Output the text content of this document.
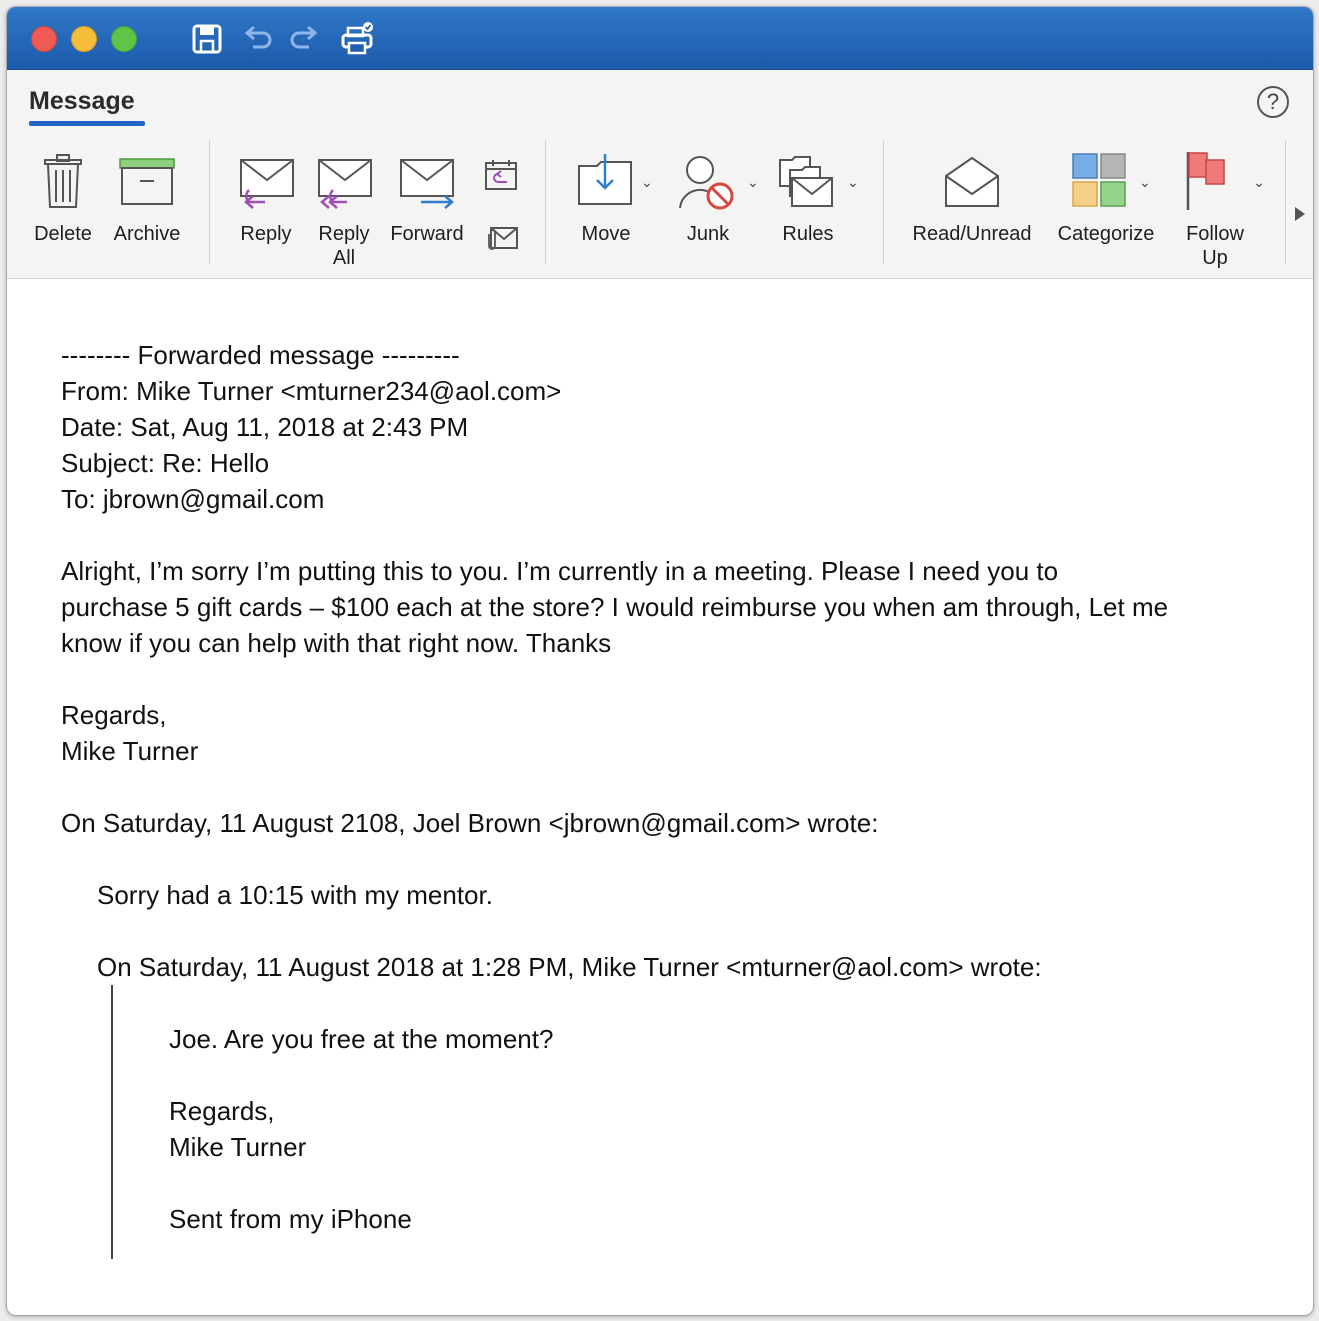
Message	?
Delete	Archive	Reply	Reply
All
Forward	Move
⌄
Junk
⌄
Rules
⌄
Read/Unread	Categorize
⌄
Follow
Up
⌄

-------- Forwarded message ---------

From: Mike Turner <mturner234@aol.com>

Date: Sat, Aug 11, 2018 at 2:43 PM

Subject: Re: Hello

To: jbrown@gmail.com

Alright, I’m sorry I’m putting this to you. I’m currently in a meeting. Please I need you to

purchase 5 gift cards – $100 each at the store? I would reimburse you when am through, Let me

know if you can help with that right now. Thanks

Regards,

Mike Turner

On Saturday, 11 August 2108, Joel Brown <jbrown@gmail.com> wrote:

Sorry had a 10:15 with my mentor.

On Saturday, 11 August 2018 at 1:28 PM, Mike Turner <mturner@aol.com> wrote:

Joe. Are you free at the moment?

Regards,

Mike Turner

Sent from my iPhone
